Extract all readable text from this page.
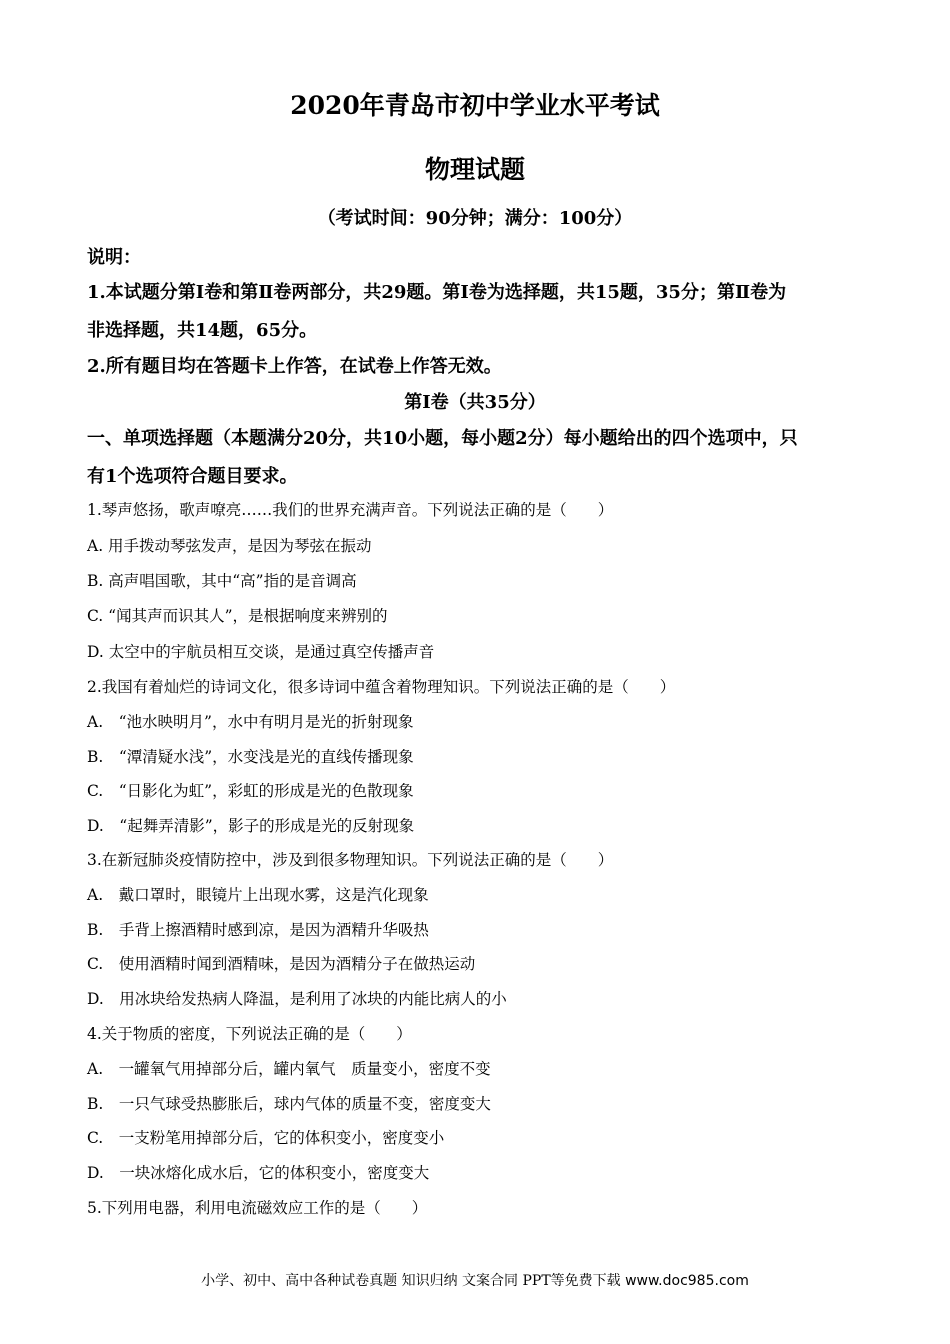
2020年青岛市初中学业水平考试
物理试题
（考试时间：90分钟；满分：100分）
说明：
1.本试题分第Ⅰ卷和第Ⅱ卷两部分，共29题。第Ⅰ卷为选择题，共15题，35分；第Ⅱ卷为
非选择题，共14题，65分。
2.所有题目均在答题卡上作答，在试卷上作答无效。
第Ⅰ卷（共35分）
一、单项选择题（本题满分20分，共10小题，每小题2分）每小题给出的四个选项中，只
有1个选项符合题目要求。
1.琴声悠扬，歌声嘹亮……我们的世界充满声音。下列说法正确的是（　　）
A. 用手拨动琴弦发声，是因为琴弦在振动
B. 高声唱国歌，其中“高”指的是音调高
C. “闻其声而识其人”，是根据响度来辨别的
D. 太空中的宇航员相互交谈，是通过真空传播声音
2.我国有着灿烂的诗词文化，很多诗词中蕴含着物理知识。下列说法正确的是（　　）
A.　“池水映明月”，水中有明月是光的折射现象
B.　“潭清疑水浅”，水变浅是光的直线传播现象
C.　“日影化为虹”，彩虹的形成是光的色散现象
D.　“起舞弄清影”，影子的形成是光的反射现象
3.在新冠肺炎疫情防控中，涉及到很多物理知识。下列说法正确的是（　　）
A.　戴口罩时，眼镜片上出现水雾，这是汽化现象
B.　手背上擦酒精时感到凉，是因为酒精升华吸热
C.　使用酒精时闻到酒精味，是因为酒精分子在做热运动
D.　用冰块给发热病人降温，是利用了冰块的内能比病人的小
4.关于物质的密度，下列说法正确的是（　　）
A.　一罐氧气用掉部分后，罐内氧气　质量变小，密度不变
B.　一只气球受热膨胀后，球内气体的质量不变，密度变大
C.　一支粉笔用掉部分后，它的体积变小，密度变小
D.　一块冰熔化成水后，它的体积变小，密度变大
5.下列用电器，利用电流磁效应工作的是（　　）
小学、初中、高中各种试卷真题 知识归纳 文案合同 PPT等免费下载 www.doc985.com
